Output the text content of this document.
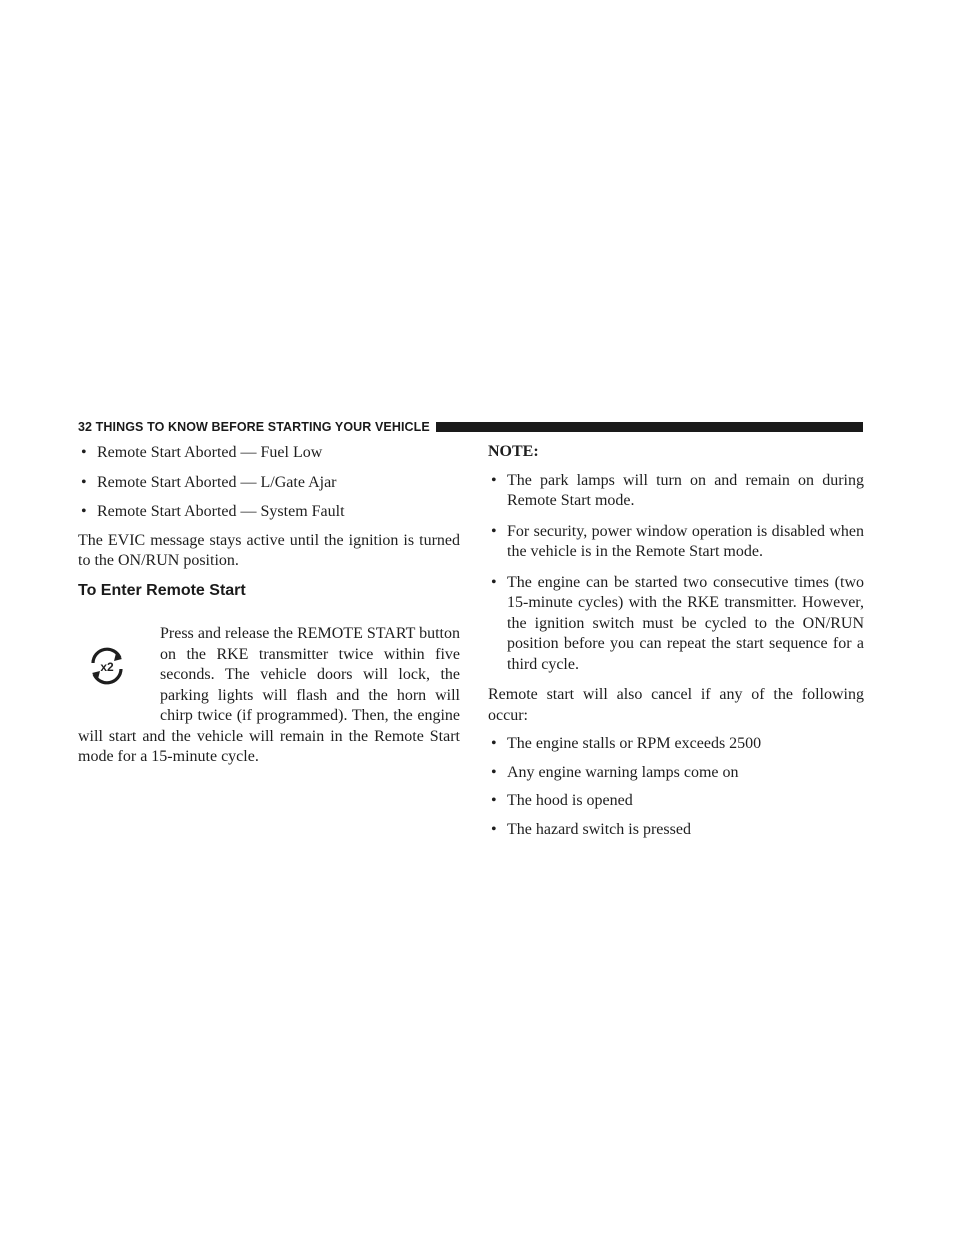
32 THINGS TO KNOW BEFORE STARTING YOUR VEHICLE
• Remote Start Aborted — Fuel Low
• Remote Start Aborted — L/Gate Ajar
• Remote Start Aborted — System Fault

The EVIC message stays active until the ignition is turned to the ON/RUN position.

To Enter Remote Start
x2
Press and release the REMOTE START button on the RKE transmitter twice within five seconds. The vehicle doors will lock, the parking lights will flash and the horn will chirp twice (if programmed). Then, the engine will start and the vehicle will remain in the Remote Start mode for a 15-minute cycle.
NOTE:
• The park lamps will turn on and remain on during Remote Start mode.
• For security, power window operation is disabled when the vehicle is in the Remote Start mode.
• The engine can be started two consecutive times (two 15-minute cycles) with the RKE transmitter. However, the ignition switch must be cycled to the ON/RUN position before you can repeat the start sequence for a third cycle.

Remote start will also cancel if any of the following occur:

• The engine stalls or RPM exceeds 2500
• Any engine warning lamps come on
• The hood is opened
• The hazard switch is pressed
